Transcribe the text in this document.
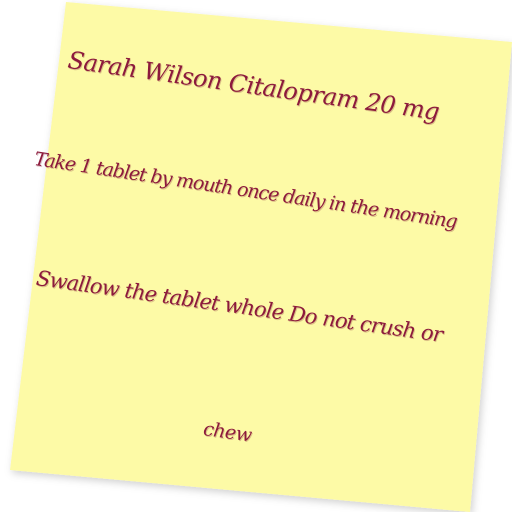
Sarah Wilson Citalopram 20 mg
Take 1 tablet by mouth once daily in the morning
Swallow the tablet whole Do not crush or
chew
